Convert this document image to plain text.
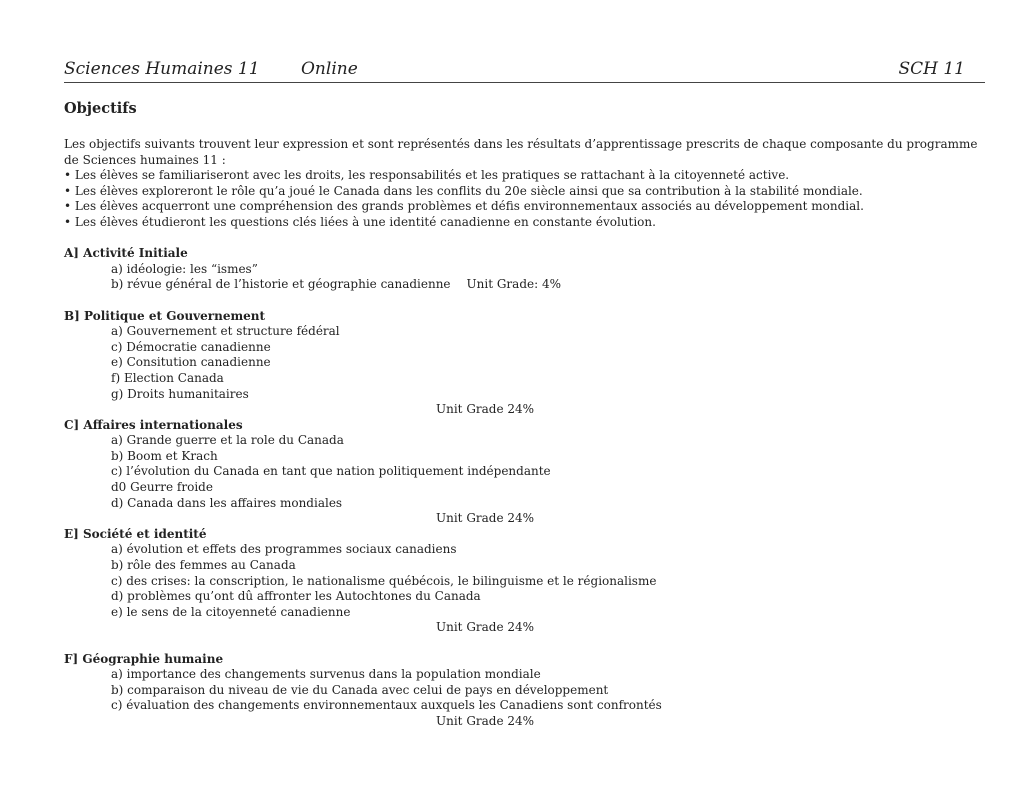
Sciences Humaines 11 Online	SCH 11
Objectifs

Les objectifs suivants trouvent leur expression et sont représentés dans les résultats d’apprentissage prescrits de chaque composante du programme de Sciences humaines 11 :

• Les élèves se familiariseront avec les droits, les responsabilités et les pratiques se rattachant à la citoyenneté active.

• Les élèves exploreront le rôle qu’a joué le Canada dans les conflits du 20e siècle ainsi que sa contribution à la stabilité mondiale.

• Les élèves acquerront une compréhension des grands problèmes et défis environnementaux associés au développement mondial.

• Les élèves étudieront les questions clés liées à une identité canadienne en constante évolution.

A] Activité Initiale

a) idéologie: les “ismes”

b) révue général de l’historie et géographie canadienne Unit Grade: 4%

B] Politique et Gouvernement

a) Gouvernement et structure fédéral

c) Démocratie canadienne

e) Consitution canadienne

f) Election Canada

g) Droits humanitaires

Unit Grade 24%

C] Affaires internationales

a) Grande guerre et la role du Canada

b) Boom et Krach

c) l’évolution du Canada en tant que nation politiquement indépendante

d0 Geurre froide

d) Canada dans les affaires mondiales

Unit Grade 24%

E] Société et identité

a) évolution et effets des programmes sociaux canadiens

b) rôle des femmes au Canada

c) des crises: la conscription, le nationalisme québécois, le bilinguisme et le régionalisme

d) problèmes qu’ont dû affronter les Autochtones du Canada

e) le sens de la citoyenneté canadienne

Unit Grade 24%

F] Géographie humaine

a) importance des changements survenus dans la population mondiale

b) comparaison du niveau de vie du Canada avec celui de pays en développement

c) évaluation des changements environnementaux auxquels les Canadiens sont confrontés

Unit Grade 24%
